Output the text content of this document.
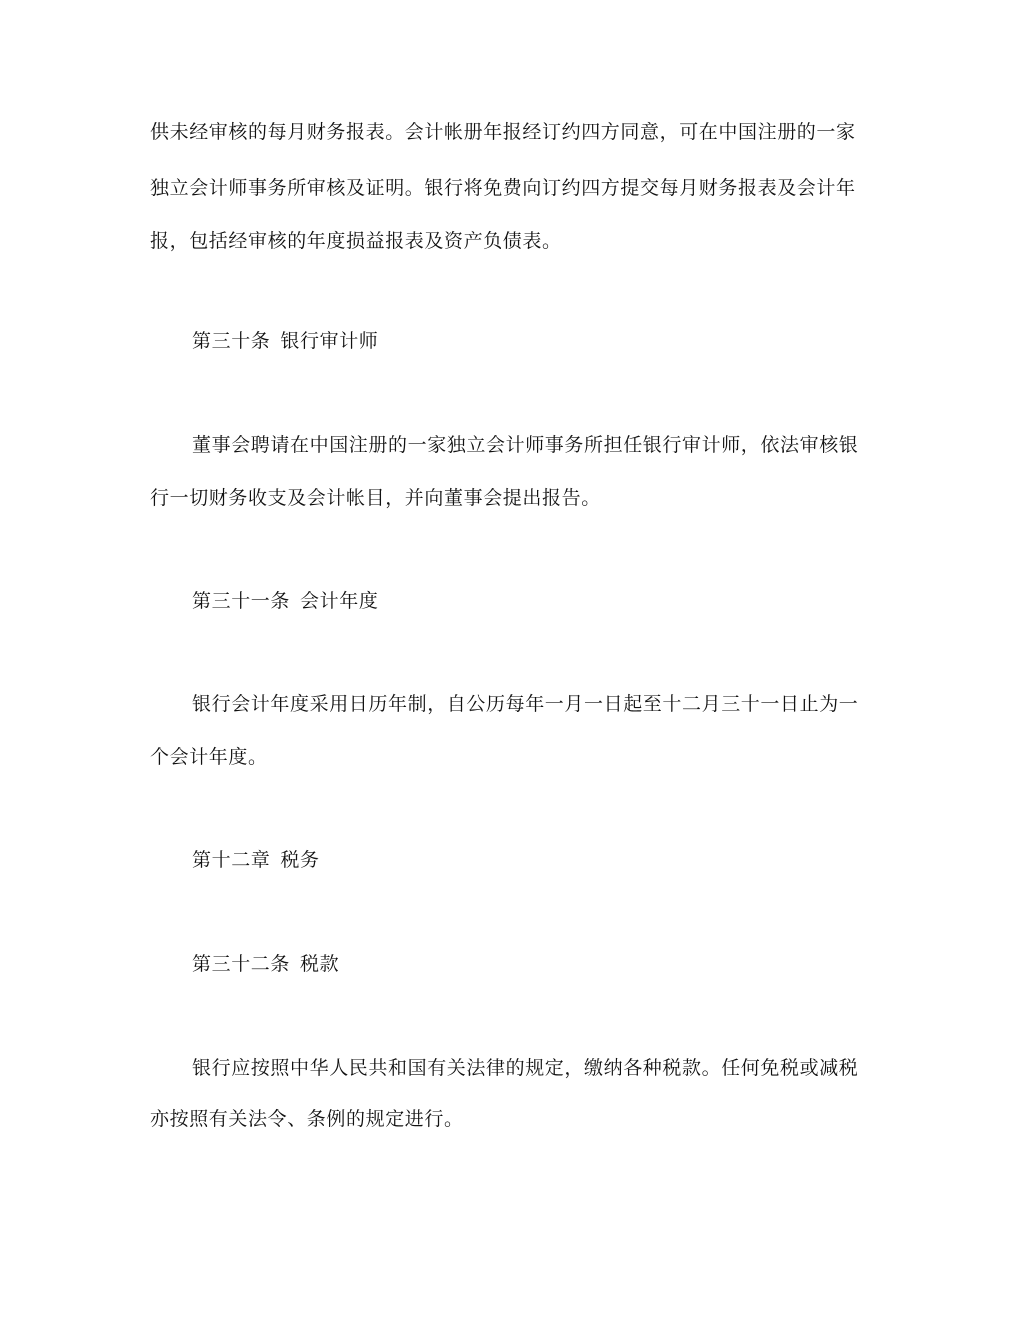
供未经审核的每月财务报表。会计帐册年报经订约四方同意，可在中国注册的一家
独立会计师事务所审核及证明。银行将免费向订约四方提交每月财务报表及会计年
报，包括经审核的年度损益报表及资产负债表。
第三十条 银行审计师
董事会聘请在中国注册的一家独立会计师事务所担任银行审计师，依法审核银
行一切财务收支及会计帐目，并向董事会提出报告。
第三十一条 会计年度
银行会计年度采用日历年制，自公历每年一月一日起至十二月三十一日止为一
个会计年度。
第十二章 税务
第三十二条 税款
银行应按照中华人民共和国有关法律的规定，缴纳各种税款。任何免税或减税
亦按照有关法令、条例的规定进行。
